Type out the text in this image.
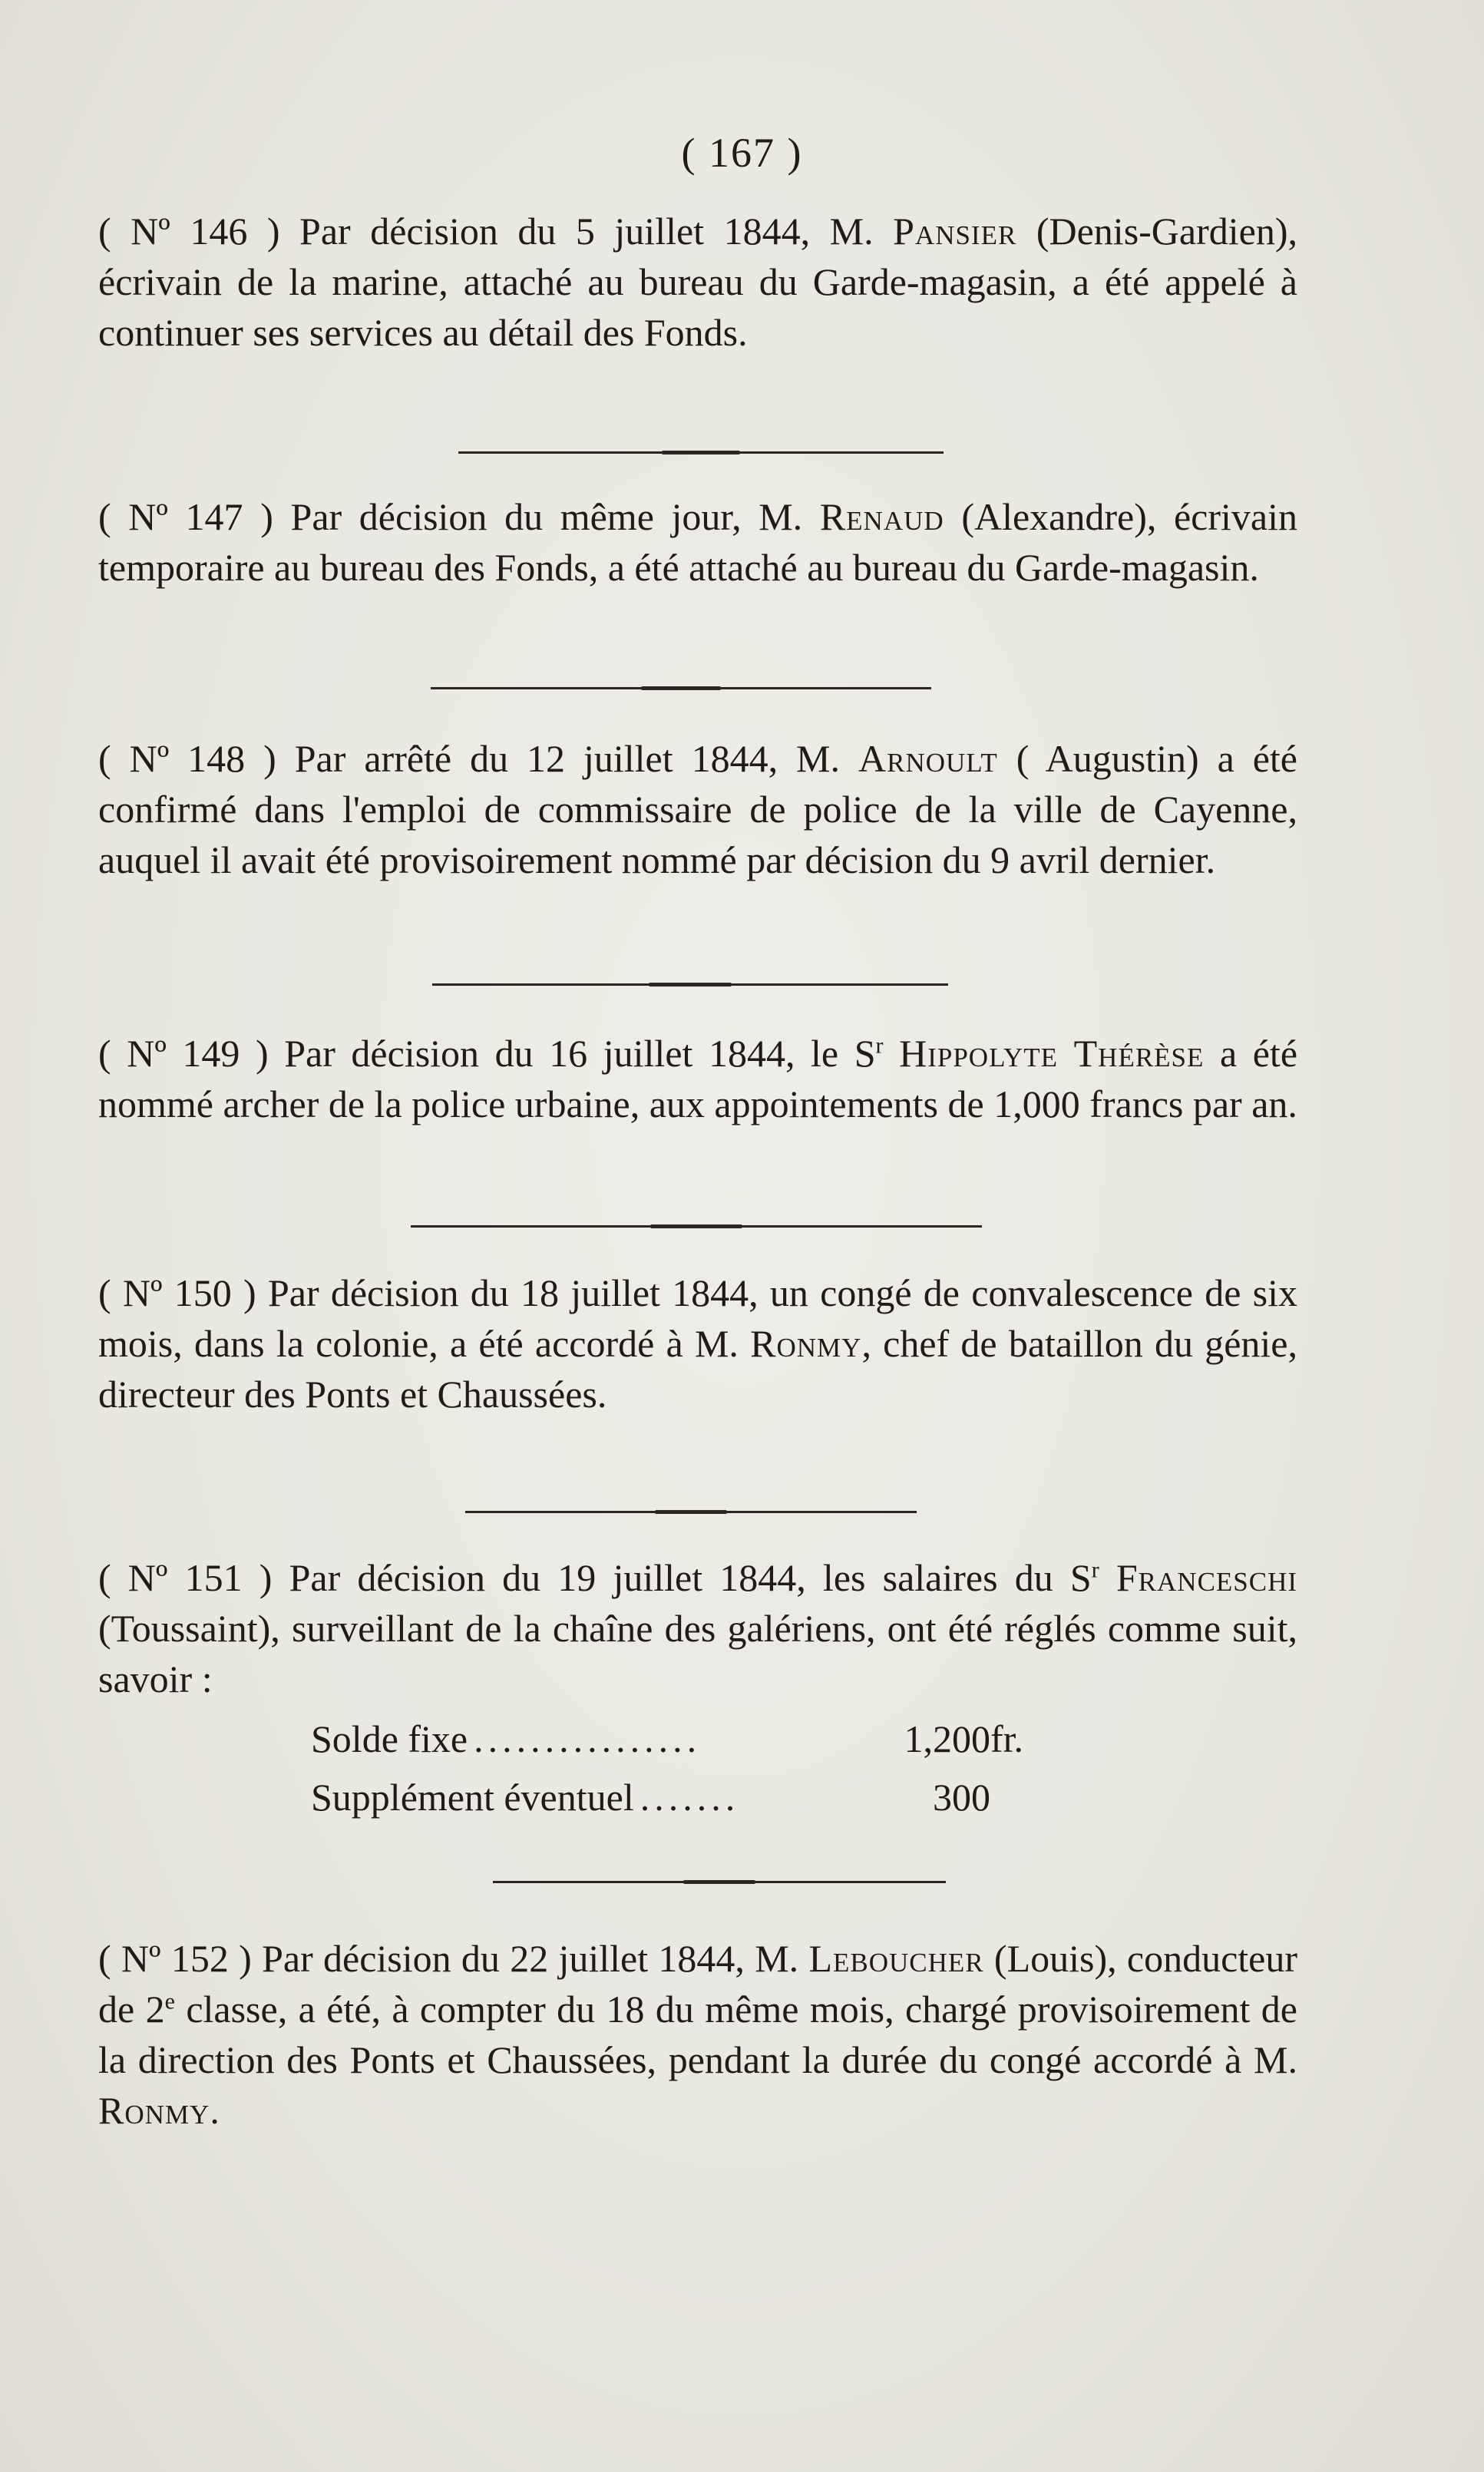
( 167 )
( Nº 146 ) Par décision du 5 juillet 1844, M. Pansier (Denis-Gardien), écrivain de la marine, attaché au bureau du Garde-magasin, a été appelé à continuer ses services au détail des Fonds.
( Nº 147 ) Par décision du même jour, M. Renaud (Alexandre), écrivain temporaire au bureau des Fonds, a été attaché au bureau du Garde-magasin.
( Nº 148 ) Par arrêté du 12 juillet 1844, M. Arnoult ( Augustin) a été confirmé dans l'emploi de commissaire de police de la ville de Cayenne, auquel il avait été provisoirement nommé par décision du 9 avril dernier.
( Nº 149 ) Par décision du 16 juillet 1844, le $S^r$ Hippolyte Thérèse a été nommé archer de la police urbaine, aux appointements de 1,000 francs par an.
( Nº 150 ) Par décision du 18 juillet 1844, un congé de convalescence de six mois, dans la colonie, a été accordé à M. Ronmy, chef de bataillon du génie, directeur des Ponts et Chaussées.
( Nº 151 ) Par décision du 19 juillet 1844, les salaires du $S^r$ Franceschi (Toussaint), surveillant de la chaîne des galériens, ont été réglés comme suit, savoir :
Solde fixe ................	1,200 fr.
Supplément éventuel .......	300
( Nº 152 ) Par décision du 22 juillet 1844, M. Leboucher (Louis), conducteur de 2e classe, a été, à compter du 18 du même mois, chargé provisoirement de la direction des Ponts et Chaussées, pendant la durée du congé accordé à M. Ronmy.
